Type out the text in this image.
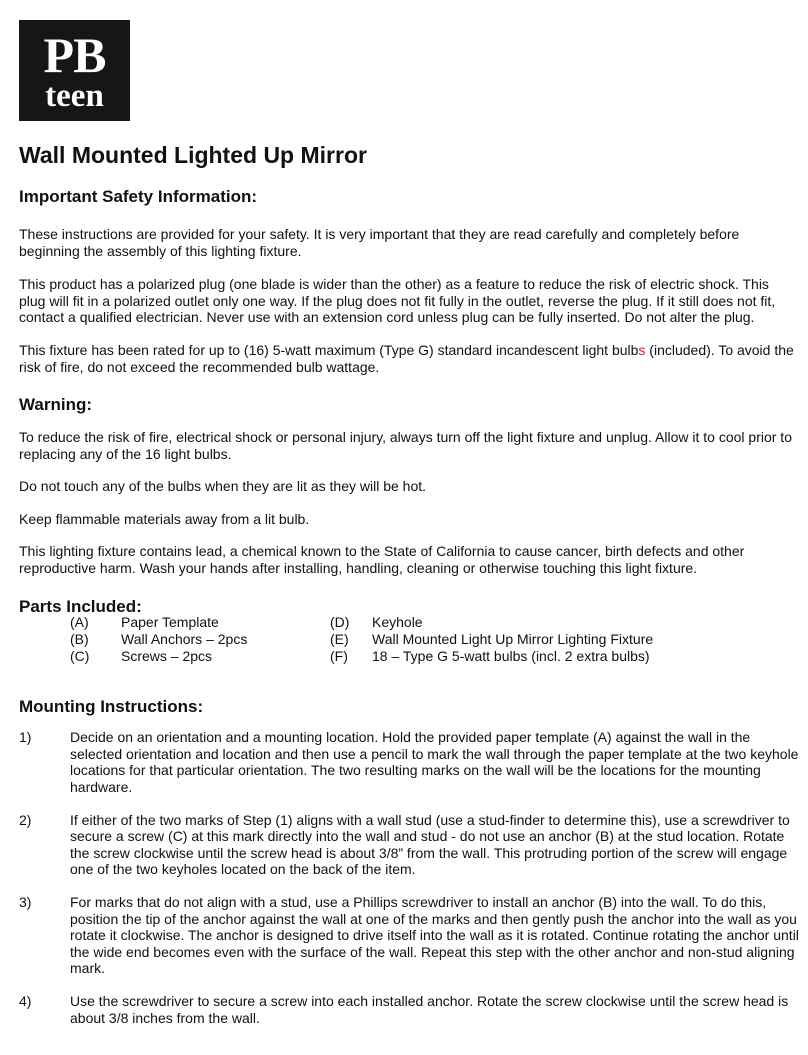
PB
teen
Wall Mounted Lighted Up Mirror
Important Safety Information:

These instructions are provided for your safety. It is very important that they are read carefully and completely before beginning the assembly of this lighting fixture.

This product has a polarized plug (one blade is wider than the other) as a feature to reduce the risk of electric shock. This plug will fit in a polarized outlet only one way. If the plug does not fit fully in the outlet, reverse the plug. If it still does not fit, contact a qualified electrician. Never use with an extension cord unless plug can be fully inserted. Do not alter the plug.

This fixture has been rated for up to (16) 5-watt maximum (Type G) standard incandescent light bulbs (included). To avoid the risk of fire, do not exceed the recommended bulb wattage.

Warning:

To reduce the risk of fire, electrical shock or personal injury, always turn off the light fixture and unplug. Allow it to cool prior to replacing any of the 16 light bulbs.

Do not touch any of the bulbs when they are lit as they will be hot.

Keep flammable materials away from a lit bulb.

This lighting fixture contains lead, a chemical known to the State of California to cause cancer, birth defects and other reproductive harm. Wash your hands after installing, handling, cleaning or otherwise touching this light fixture.

Parts Included:
(A) Paper Template	(D) Keyhole
(B) Wall Anchors – 2pcs	(E) Wall Mounted Light Up Mirror Lighting Fixture
(C) Screws – 2pcs	(F) 18 – Type G 5-watt bulbs (incl. 2 extra bulbs)
Mounting Instructions:
1)	Decide on an orientation and a mounting location. Hold the provided paper template (A) against the wall in the selected orientation and location and then use a pencil to mark the wall through the paper template at the two keyhole locations for that particular orientation. The two resulting marks on the wall will be the locations for the mounting hardware.
2)	If either of the two marks of Step (1) aligns with a wall stud (use a stud-finder to determine this), use a screwdriver to secure a screw (C) at this mark directly into the wall and stud - do not use an anchor (B) at the stud location. Rotate the screw clockwise until the screw head is about 3/8” from the wall. This protruding portion of the screw will engage one of the two keyholes located on the back of the item.
3)	For marks that do not align with a stud, use a Phillips screwdriver to install an anchor (B) into the wall. To do this, position the tip of the anchor against the wall at one of the marks and then gently push the anchor into the wall as you rotate it clockwise. The anchor is designed to drive itself into the wall as it is rotated. Continue rotating the anchor until the wide end becomes even with the surface of the wall. Repeat this step with the other anchor and non-stud aligning mark.
4)	Use the screwdriver to secure a screw into each installed anchor. Rotate the screw clockwise until the screw head is about 3/8 inches from the wall.
